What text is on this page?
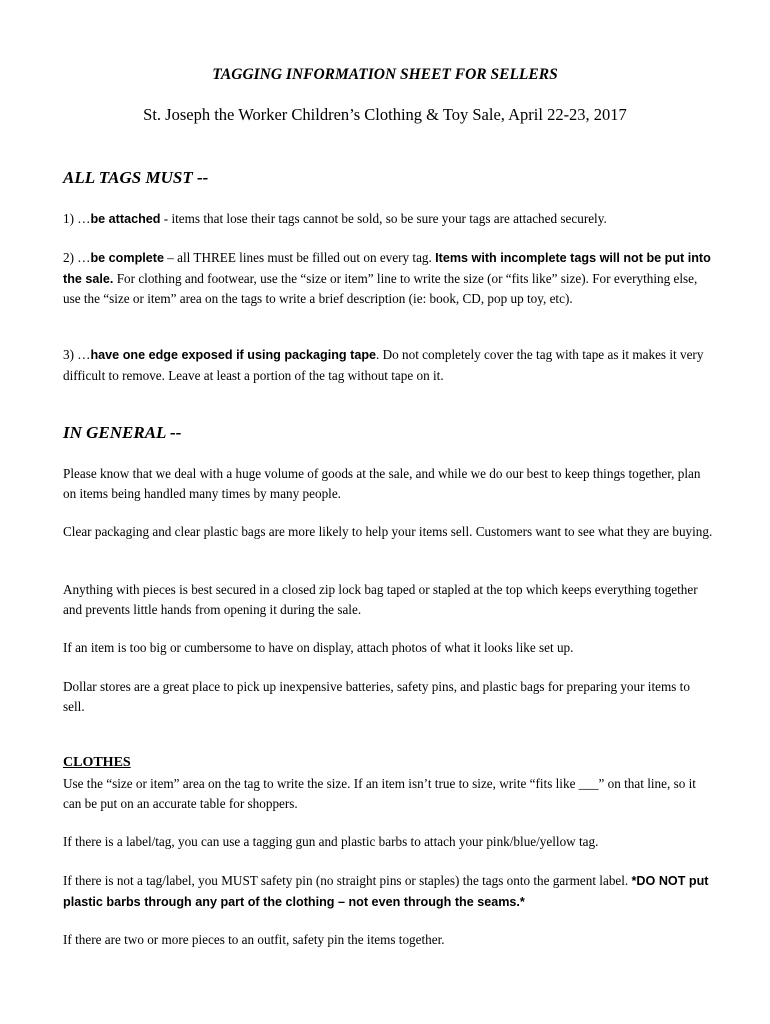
TAGGING INFORMATION SHEET FOR SELLERS
St. Joseph the Worker Children’s Clothing & Toy Sale, April 22-23, 2017
ALL TAGS MUST --
1) …be attached - items that lose their tags cannot be sold, so be sure your tags are attached securely.
2) …be complete – all THREE lines must be filled out on every tag. Items with incomplete tags will not be put into the sale. For clothing and footwear, use the “size or item” line to write the size (or “fits like” size). For everything else, use the “size or item” area on the tags to write a brief description (ie: book, CD, pop up toy, etc).
3) …have one edge exposed if using packaging tape. Do not completely cover the tag with tape as it makes it very difficult to remove. Leave at least a portion of the tag without tape on it.
IN GENERAL --
Please know that we deal with a huge volume of goods at the sale, and while we do our best to keep things together, plan on items being handled many times by many people.
Clear packaging and clear plastic bags are more likely to help your items sell. Customers want to see what they are buying.
Anything with pieces is best secured in a closed zip lock bag taped or stapled at the top which keeps everything together and prevents little hands from opening it during the sale.
If an item is too big or cumbersome to have on display, attach photos of what it looks like set up.
Dollar stores are a great place to pick up inexpensive batteries, safety pins, and plastic bags for preparing your items to sell.
CLOTHES
Use the “size or item” area on the tag to write the size. If an item isn’t true to size, write “fits like ___” on that line, so it can be put on an accurate table for shoppers.
If there is a label/tag, you can use a tagging gun and plastic barbs to attach your pink/blue/yellow tag.
If there is not a tag/label, you MUST safety pin (no straight pins or staples) the tags onto the garment label. *DO NOT put plastic barbs through any part of the clothing – not even through the seams.*
If there are two or more pieces to an outfit, safety pin the items together.
